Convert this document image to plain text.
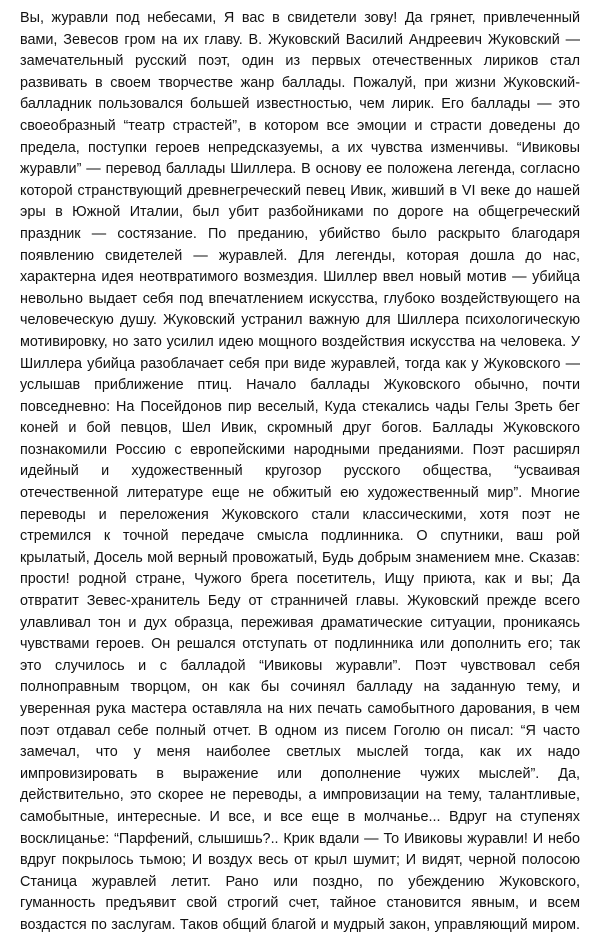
Вы, журавли под небесами, Я вас в свидетели зову! Да грянет, привлеченный
вами, Зевесов гром на их главу. В. Жуковский Василий Андреевич Жуковский —
замечательный русский поэт, один из первых отечественных лириков стал
развивать в своем творчестве жанр баллады. Пожалуй, при жизни Жуковский-
балладник пользовался большей известностью, чем лирик. Его баллады — это
своеобразный “театр страстей”, в котором все эмоции и страсти доведены до
предела, поступки героев непредсказуемы, а их чувства изменчивы. “Ивиковы
журавли” — перевод баллады Шиллера. В основу ее положена легенда, согласно
которой странствующий древнегреческий певец Ивик, живший в VI веке до нашей
эры в Южной Италии, был убит разбойниками по дороге на общегреческий
праздник — состязание. По преданию, убийство было раскрыто благодаря
появлению свидетелей — журавлей. Для легенды, которая дошла до нас,
характерна идея неотвратимого возмездия. Шиллер ввел новый мотив — убийца
невольно выдает себя под впечатлением искусства, глубоко воздействующего на
человеческую душу. Жуковский устранил важную для Шиллера психологическую
мотивировку, но зато усилил идею мощного воздействия искусства на человека. У
Шиллера убийца разоблачает себя при виде журавлей, тогда как у Жуковского —
услышав приближение птиц. Начало баллады Жуковского обычно, почти
повседневно: На Посейдонов пир веселый, Куда стекались чады Гелы Зреть бег
коней и бой певцов, Шел Ивик, скромный друг богов. Баллады Жуковского
познакомили Россию с европейскими народными преданиями. Поэт расширял
идейный и художественный кругозор русского общества, “усваивая
отечественной литературе еще не обжитый ею художественный мир”. Многие
переводы и переложения Жуковского стали классическими, хотя поэт не
стремился к точной передаче смысла подлинника. О спутники, ваш рой
крылатый, Досель мой верный провожатый, Будь добрым знамением мне. Сказав:
прости! родной стране, Чужого брега посетитель, Ищу приюта, как и вы; Да
отвратит Зевес-хранитель Беду от странничей главы. Жуковский прежде всего
улавливал тон и дух образца, переживая драматические ситуации, проникаясь
чувствами героев. Он решался отступать от подлинника или дополнить его; так
это случилось и с балладой “Ивиковы журавли”. Поэт чувствовал себя
полноправным творцом, он как бы сочинял балладу на заданную тему, и
уверенная рука мастера оставляла на них печать самобытного дарования, в чем
поэт отдавал себе полный отчет. В одном из писем Гоголю он писал: “Я часто
замечал, что у меня наиболее светлых мыслей тогда, как их надо
импровизировать в выражение или дополнение чужих мыслей”. Да,
действительно, это скорее не переводы, а импровизации на тему, талантливые,
самобытные, интересные. И все, и все еще в молчанье... Вдруг на ступенях
восклицанье: “Парфений, слышишь?.. Крик вдали — То Ивиковы журавли! И небо
вдруг покрылось тьмою; И воздух весь от крыл шумит; И видят, черной полосою
Станица журавлей летит. Рано или поздно, по убеждению Жуковского,
гуманность предъявит свой строгий счет, тайное становится явным, и всем
воздастся по заслугам. Таков общий благой и мудрый закон, управляющий миром.
